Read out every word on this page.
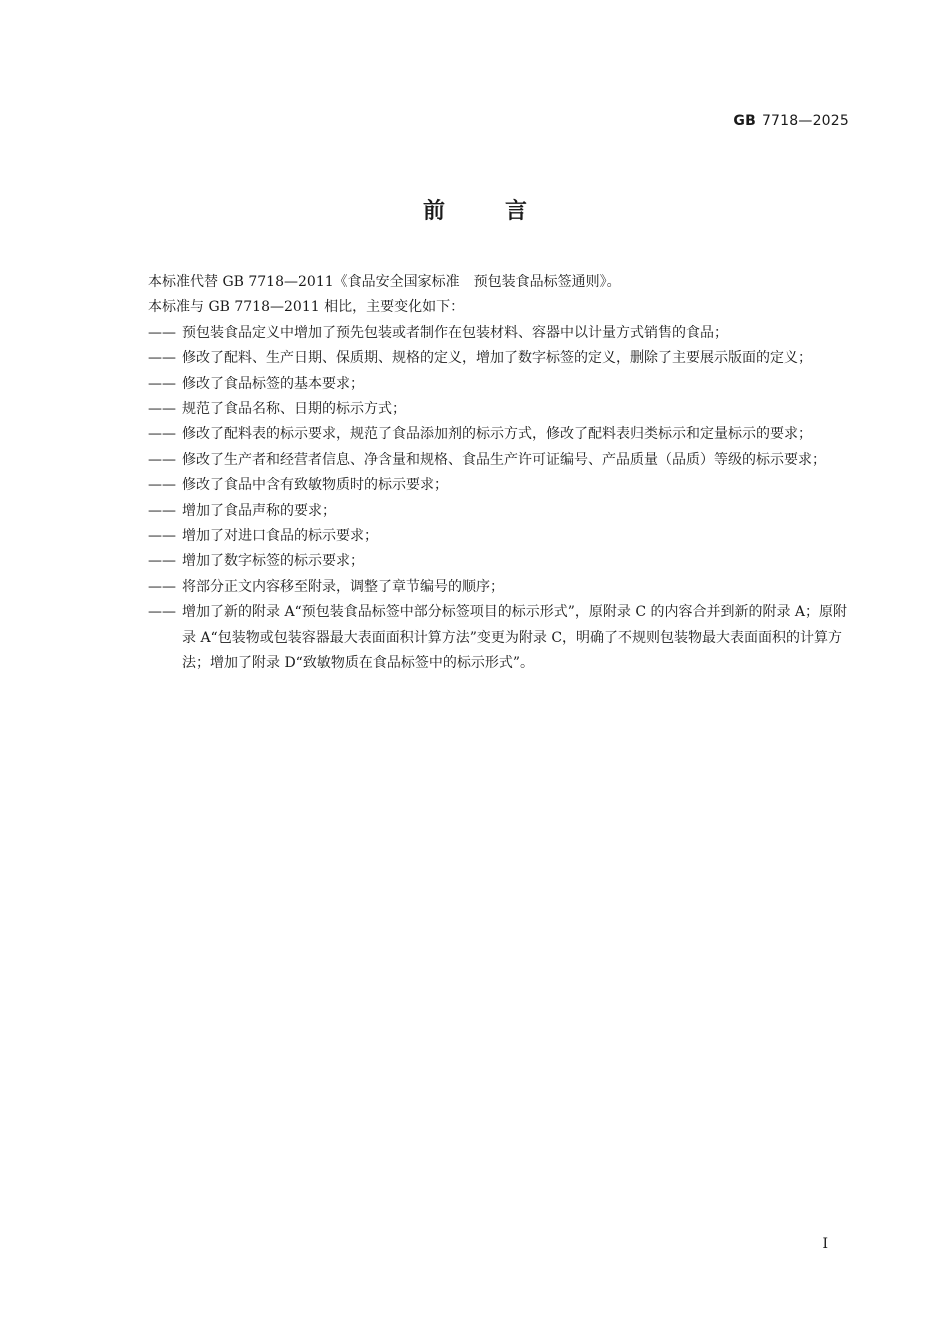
GB 7718—2025
前	言

本标准代替 GB 7718—2011《食品安全国家标准　预包装食品标签通则》。

本标准与 GB 7718—2011 相比，主要变化如下：

—— 预包装食品定义中增加了预先包装或者制作在包装材料、容器中以计量方式销售的食品；

—— 修改了配料、生产日期、保质期、规格的定义，增加了数字标签的定义，删除了主要展示版面的定义；

—— 修改了食品标签的基本要求；

—— 规范了食品名称、日期的标示方式；

—— 修改了配料表的标示要求，规范了食品添加剂的标示方式，修改了配料表归类标示和定量标示的要求；

—— 修改了生产者和经营者信息、净含量和规格、食品生产许可证编号、产品质量（品质）等级的标示要求；

—— 修改了食品中含有致敏物质时的标示要求；

—— 增加了食品声称的要求；

—— 增加了对进口食品的标示要求；

—— 增加了数字标签的标示要求；

—— 将部分正文内容移至附录，调整了章节编号的顺序；

—— 增加了新的附录 A“预包装食品标签中部分标签项目的标示形式”，原附录 C 的内容合并到新的附录 A；原附录 A“包装物或包装容器最大表面面积计算方法”变更为附录 C，明确了不规则包装物最大表面面积的计算方法；增加了附录 D“致敏物质在食品标签中的标示形式”。

I
